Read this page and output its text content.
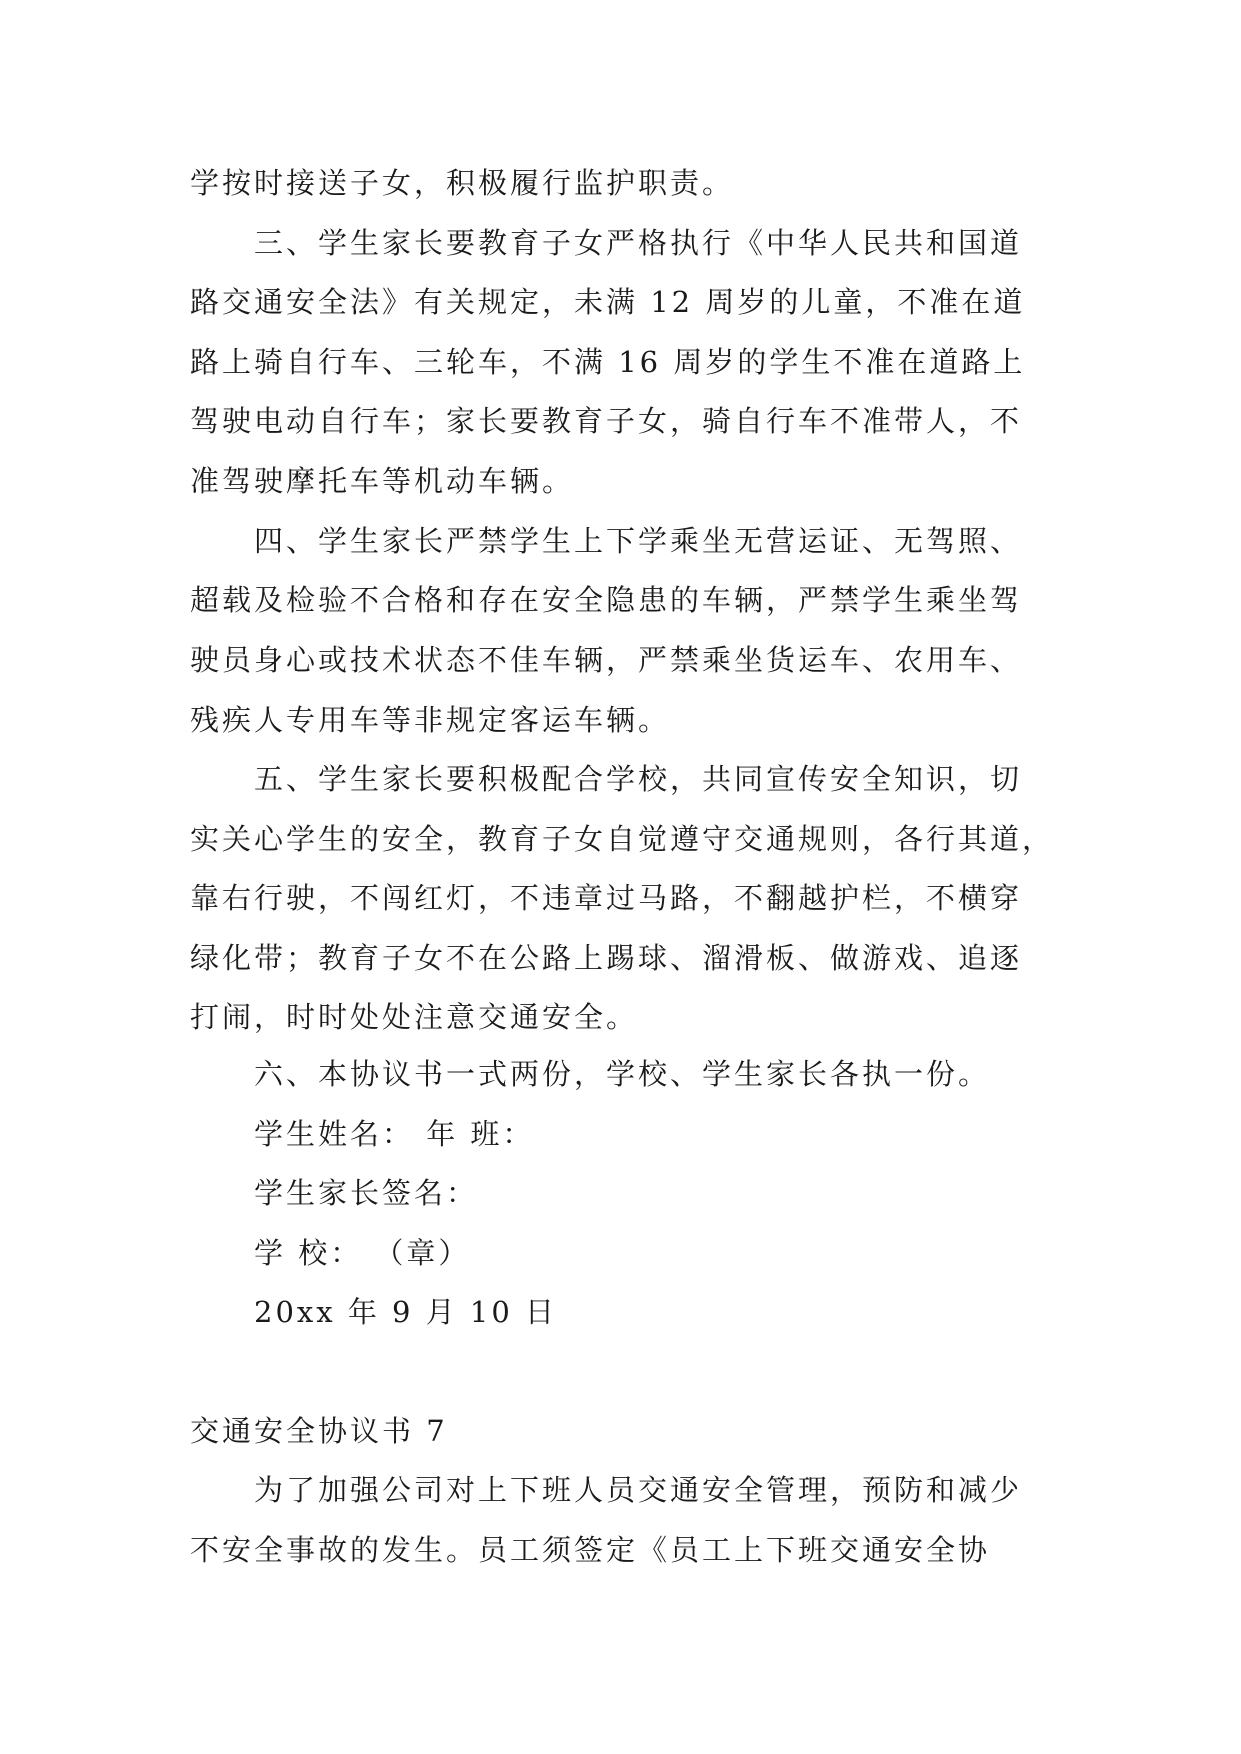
学按时接送子女，积极履行监护职责。

三、学生家长要教育子女严格执行《中华人民共和国道

路交通安全法》有关规定，未满 12 周岁的儿童，不准在道

路上骑自行车、三轮车，不满 16 周岁的学生不准在道路上

驾驶电动自行车；家长要教育子女，骑自行车不准带人，不

准驾驶摩托车等机动车辆。

四、学生家长严禁学生上下学乘坐无营运证、无驾照、

超载及检验不合格和存在安全隐患的车辆，严禁学生乘坐驾

驶员身心或技术状态不佳车辆，严禁乘坐货运车、农用车、

残疾人专用车等非规定客运车辆。

五、学生家长要积极配合学校，共同宣传安全知识，切

实关心学生的安全，教育子女自觉遵守交通规则，各行其道，

靠右行驶，不闯红灯，不违章过马路，不翻越护栏，不横穿

绿化带；教育子女不在公路上踢球、溜滑板、做游戏、追逐

打闹，时时处处注意交通安全。

六、本协议书一式两份，学校、学生家长各执一份。

学生姓名： 年 班：

学生家长签名：

学 校： （章）

20xx 年 9 月 10 日

交通安全协议书 7

为了加强公司对上下班人员交通安全管理，预防和减少

不安全事故的发生。员工须签定《员工上下班交通安全协
